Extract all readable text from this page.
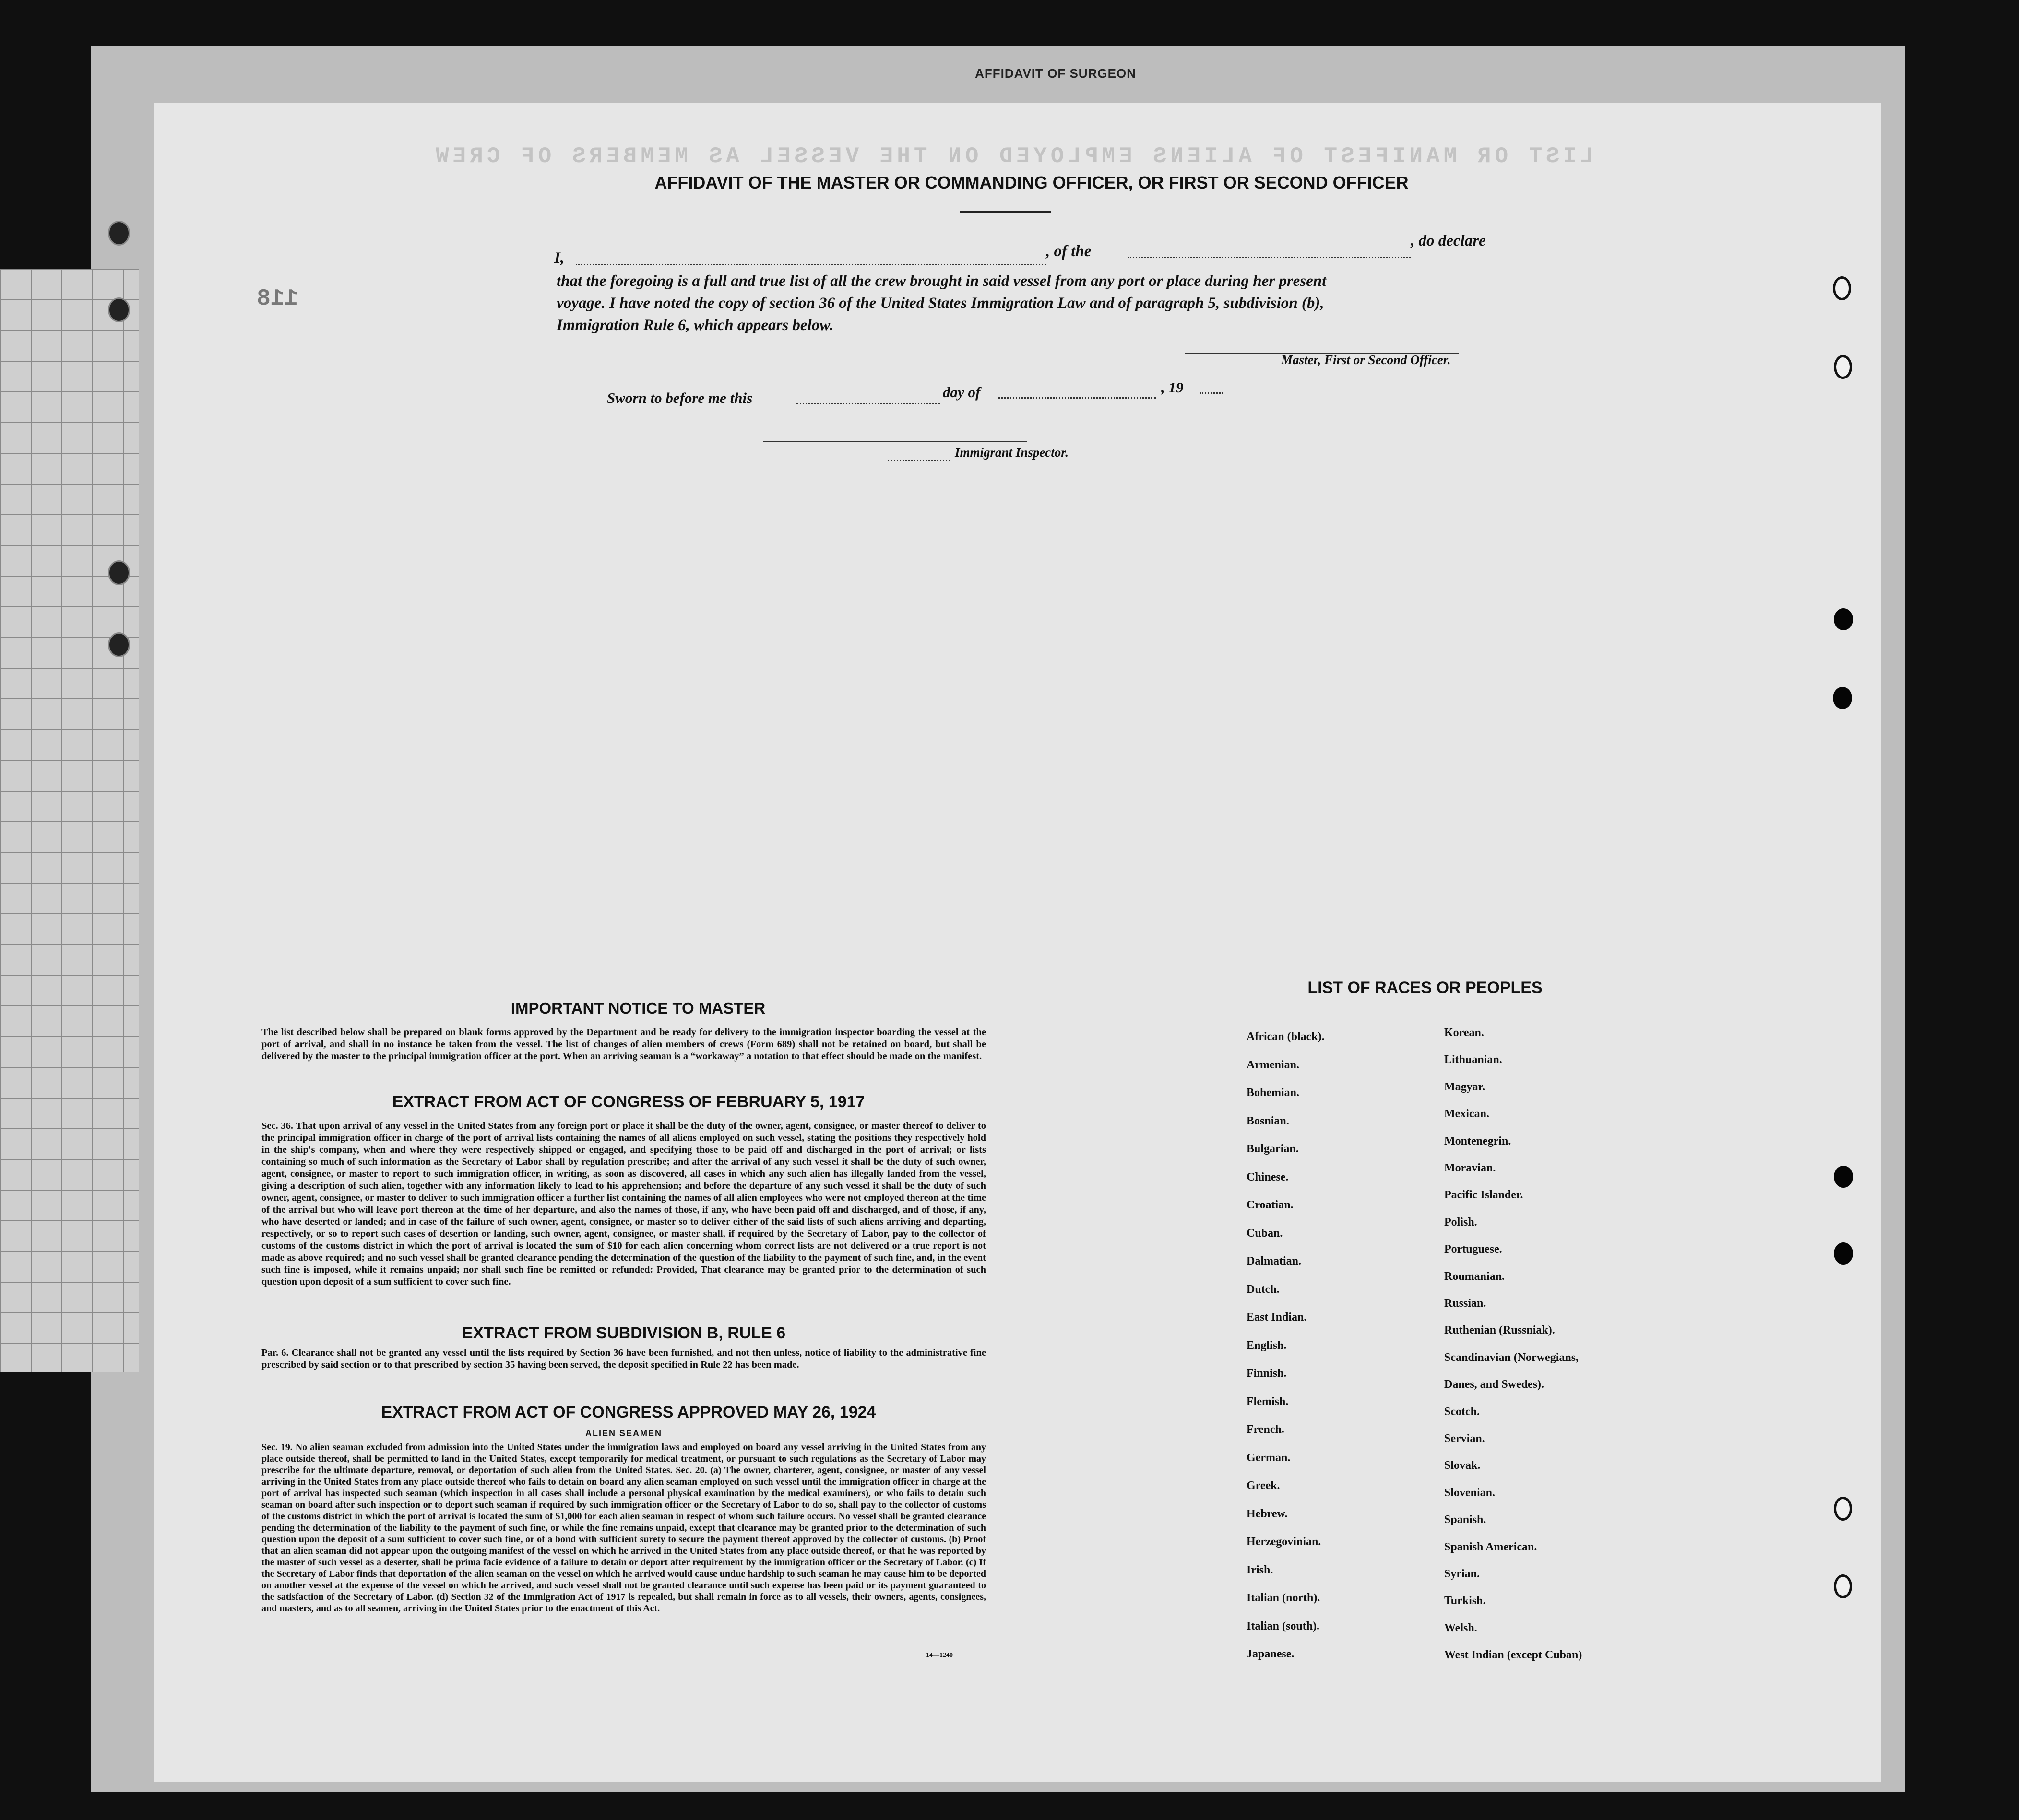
AFFIDAVIT OF SURGEON
LIST OR MANIFEST OF ALIENS EMPLOYED ON THE VESSEL AS MEMBERS OF CREW
118
AFFIDAVIT OF THE MASTER OR COMMANDING OFFICER, OR FIRST OR SECOND OFFICER
I,	, of the
, do declare
that the foregoing is a full and true list of all the crew brought in said vessel from any port or place during her present
voyage. I have noted the copy of section 36 of the United States Immigration Law and of paragraph 5, subdivision (b),
Immigration Rule 6, which appears below.
Master, First or Second Officer.
Sworn to before me this	day of	, 19
Immigrant Inspector.
IMPORTANT NOTICE TO MASTER
The list described below shall be prepared on blank forms approved by the Department and be ready for delivery to the immigration inspector boarding the vessel at the port of arrival, and shall in no instance be taken from the vessel. The list of changes of alien members of crews (Form 689) shall not be retained on board, but shall be delivered by the master to the principal immigration officer at the port. When an arriving seaman is a “workaway” a notation to that effect should be made on the manifest.
EXTRACT FROM ACT OF CONGRESS OF FEBRUARY 5, 1917
Sec. 36. That upon arrival of any vessel in the United States from any foreign port or place it shall be the duty of the owner, agent, consignee, or master thereof to deliver to the principal immigration officer in charge of the port of arrival lists containing the names of all aliens employed on such vessel, stating the positions they respectively hold in the ship's company, when and where they were respectively shipped or engaged, and specifying those to be paid off and discharged in the port of arrival; or lists containing so much of such information as the Secretary of Labor shall by regulation prescribe; and after the arrival of any such vessel it shall be the duty of such owner, agent, consignee, or master to report to such immigration officer, in writing, as soon as discovered, all cases in which any such alien has illegally landed from the vessel, giving a description of such alien, together with any information likely to lead to his apprehension; and before the departure of any such vessel it shall be the duty of such owner, agent, consignee, or master to deliver to such immigration officer a further list containing the names of all alien employees who were not employed thereon at the time of the arrival but who will leave port thereon at the time of her departure, and also the names of those, if any, who have been paid off and discharged, and of those, if any, who have deserted or landed; and in case of the failure of such owner, agent, consignee, or master so to deliver either of the said lists of such aliens arriving and departing, respectively, or so to report such cases of desertion or landing, such owner, agent, consignee, or master shall, if required by the Secretary of Labor, pay to the collector of customs of the customs district in which the port of arrival is located the sum of $10 for each alien concerning whom correct lists are not delivered or a true report is not made as above required; and no such vessel shall be granted clearance pending the determination of the question of the liability to the payment of such fine, and, in the event such fine is imposed, while it remains unpaid; nor shall such fine be remitted or refunded: Provided, That clearance may be granted prior to the determination of such question upon deposit of a sum sufficient to cover such fine.
EXTRACT FROM SUBDIVISION B, RULE 6
Par. 6. Clearance shall not be granted any vessel until the lists required by Section 36 have been furnished, and not then unless, notice of liability to the administrative fine prescribed by said section or to that prescribed by section 35 having been served, the deposit specified in Rule 22 has been made.
EXTRACT FROM ACT OF CONGRESS APPROVED MAY 26, 1924
ALIEN SEAMEN
Sec. 19. No alien seaman excluded from admission into the United States under the immigration laws and employed on board any vessel arriving in the United States from any place outside thereof, shall be permitted to land in the United States, except temporarily for medical treatment, or pursuant to such regulations as the Secretary of Labor may prescribe for the ultimate departure, removal, or deportation of such alien from the United States. Sec. 20. (a) The owner, charterer, agent, consignee, or master of any vessel arriving in the United States from any place outside thereof who fails to detain on board any alien seaman employed on such vessel until the immigration officer in charge at the port of arrival has inspected such seaman (which inspection in all cases shall include a personal physical examination by the medical examiners), or who fails to detain such seaman on board after such inspection or to deport such seaman if required by such immigration officer or the Secretary of Labor to do so, shall pay to the collector of customs of the customs district in which the port of arrival is located the sum of $1,000 for each alien seaman in respect of whom such failure occurs. No vessel shall be granted clearance pending the determination of the liability to the payment of such fine, or while the fine remains unpaid, except that clearance may be granted prior to the determination of such question upon the deposit of a sum sufficient to cover such fine, or of a bond with sufficient surety to secure the payment thereof approved by the collector of customs. (b) Proof that an alien seaman did not appear upon the outgoing manifest of the vessel on which he arrived in the United States from any place outside thereof, or that he was reported by the master of such vessel as a deserter, shall be prima facie evidence of a failure to detain or deport after requirement by the immigration officer or the Secretary of Labor. (c) If the Secretary of Labor finds that deportation of the alien seaman on the vessel on which he arrived would cause undue hardship to such seaman he may cause him to be deported on another vessel at the expense of the vessel on which he arrived, and such vessel shall not be granted clearance until such expense has been paid or its payment guaranteed to the satisfaction of the Secretary of Labor. (d) Section 32 of the Immigration Act of 1917 is repealed, but shall remain in force as to all vessels, their owners, agents, consignees, and masters, and as to all seamen, arriving in the United States prior to the enactment of this Act.
14—1240
LIST OF RACES OR PEOPLES
African (black).
Armenian.
Bohemian.
Bosnian.
Bulgarian.
Chinese.
Croatian.
Cuban.
Dalmatian.
Dutch.
East Indian.
English.
Finnish.
Flemish.
French.
German.
Greek.
Hebrew.
Herzegovinian.
Irish.
Italian (north).
Italian (south).
Japanese.
Korean.
Lithuanian.
Magyar.
Mexican.
Montenegrin.
Moravian.
Pacific Islander.
Polish.
Portuguese.
Roumanian.
Russian.
Ruthenian (Russniak).
Scandinavian (Norwegians,
Danes, and Swedes).
Scotch.
Servian.
Slovak.
Slovenian.
Spanish.
Spanish American.
Syrian.
Turkish.
Welsh.
West Indian (except Cuban)
